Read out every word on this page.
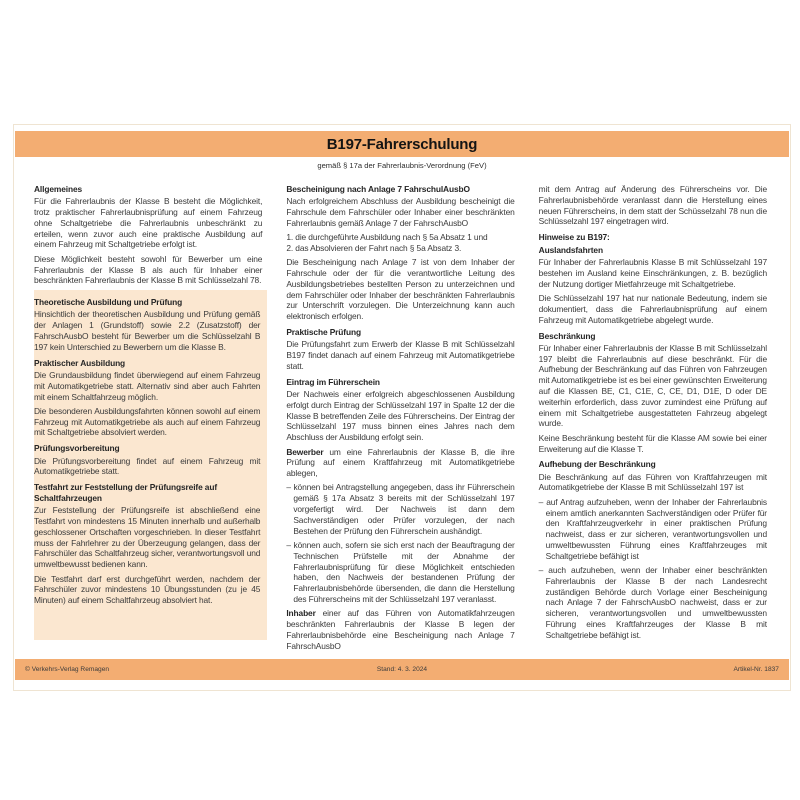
B197-Fahrerschulung
gemäß § 17a der Fahrerlaubnis-Verordnung (FeV)
Allgemeines

Für die Fahrerlaubnis der Klasse B besteht die Möglichkeit, trotz praktischer Fahrerlaubnisprüfung auf einem Fahrzeug ohne Schaltgetriebe die Fahrerlaubnis unbeschränkt zu erteilen, wenn zuvor auch eine praktische Ausbildung auf einem Fahrzeug mit Schaltgetriebe erfolgt ist.

Diese Möglichkeit besteht sowohl für Bewerber um eine Fahrerlaubnis der Klasse B als auch für Inhaber einer beschränkten Fahrerlaubnis der Klasse B mit Schlüsselzahl 78.

Theoretische Ausbildung und Prüfung

Hinsichtlich der theoretischen Ausbildung und Prüfung gemäß der Anlagen 1 (Grundstoff) sowie 2.2 (Zusatzstoff) der FahrschAusbO besteht für Bewerber um die Schlüsselzahl B 197 kein Unterschied zu Bewerbern um die Klasse B.

Praktischer Ausbildung

Die Grundausbildung findet überwiegend auf einem Fahrzeug mit Automatikgetriebe statt. Alternativ sind aber auch Fahrten mit einem Schaltfahrzeug möglich.

Die besonderen Ausbildungsfahrten können sowohl auf einem Fahrzeug mit Automatikgetriebe als auch auf einem Fahrzeug mit Schaltgetriebe absolviert werden.

Prüfungsvorbereitung

Die Prüfungsvorbereitung findet auf einem Fahrzeug mit Automatikgetriebe statt.

Testfahrt zur Feststellung der Prüfungsreife auf Schaltfahrzeugen

Zur Feststellung der Prüfungsreife ist abschließend eine Testfahrt von mindestens 15 Minuten innerhalb und außerhalb geschlossener Ortschaften vorgeschrieben. In dieser Testfahrt muss der Fahrlehrer zu der Überzeugung gelangen, dass der Fahrschüler das Schaltfahrzeug sicher, verantwortungsvoll und umweltbewusst bedienen kann.

Die Testfahrt darf erst durchgeführt werden, nachdem der Fahrschüler zuvor mindestens 10 Übungsstunden (zu je 45 Minuten) auf einem Schaltfahrzeug absolviert hat.

Bescheinigung nach Anlage 7 FahrschulAusbO

Nach erfolgreichem Abschluss der Ausbildung bescheinigt die Fahrschule dem Fahrschüler oder Inhaber einer beschränkten Fahrerlaubnis gemäß Anlage 7 der FahrschAusbO

1. die durchgeführte Ausbildung nach § 5a Absatz 1 und
2. das Absolvieren der Fahrt nach § 5a Absatz 3.

Die Bescheinigung nach Anlage 7 ist von dem Inhaber der Fahrschule oder der für die verantwortliche Leitung des Ausbildungsbetriebes bestellten Person zu unterzeichnen und dem Fahrschüler oder Inhaber der beschränkten Fahrerlaubnis zur Unterschrift vorzulegen. Die Unterzeichnung kann auch elektronisch erfolgen.

Praktische Prüfung

Die Prüfungsfahrt zum Erwerb der Klasse B mit Schlüsselzahl B197 findet danach auf einem Fahrzeug mit Automatikgetriebe statt.

Eintrag im Führerschein

Der Nachweis einer erfolgreich abgeschlossenen Ausbildung erfolgt durch Eintrag der Schlüsselzahl 197 in Spalte 12 der die Klasse B betreffenden Zeile des Führerscheins. Der Eintrag der Schlüsselzahl 197 muss binnen eines Jahres nach dem Abschluss der Ausbildung erfolgt sein.

Bewerber um eine Fahrerlaubnis der Klasse B, die ihre Prüfung auf einem Kraftfahrzeug mit Automatikgetriebe ablegen,

– können bei Antragstellung angegeben, dass ihr Führerschein gemäß § 17a Absatz 3 bereits mit der Schlüsselzahl 197 vorgefertigt wird. Der Nachweis ist dann dem Sachverständigen oder Prüfer vorzulegen, der nach Bestehen der Prüfung den Führerschein aushändigt.

– können auch, sofern sie sich erst nach der Beauftragung der Technischen Prüfstelle mit der Abnahme der Fahrerlaubnisprüfung für diese Möglichkeit entschieden haben, den Nachweis der bestandenen Prüfung der Fahrerlaubnisbehörde übersenden, die dann die Herstellung des Führerscheins mit der Schlüsselzahl 197 veranlasst.

Inhaber einer auf das Führen von Automatikfahrzeugen beschränkten Fahrerlaubnis der Klasse B legen der Fahrerlaubnisbehörde eine Bescheinigung nach Anlage 7 FahrschAusbO

mit dem Antrag auf Änderung des Führerscheins vor. Die Fahrerlaubnisbehörde veranlasst dann die Herstellung eines neuen Führerscheins, in dem statt der Schüsselzahl 78 nun die Schlüsselzahl 197 eingetragen wird.

Hinweise zu B197:
Auslandsfahrten

Für Inhaber der Fahrerlaubnis Klasse B mit Schlüsselzahl 197 bestehen im Ausland keine Einschränkungen, z. B. bezüglich der Nutzung dortiger Mietfahrzeuge mit Schaltgetriebe.

Die Schlüsselzahl 197 hat nur nationale Bedeutung, indem sie dokumentiert, dass die Fahrerlaubnisprüfung auf einem Fahrzeug mit Automatikgetriebe abgelegt wurde.

Beschränkung

Für Inhaber einer Fahrerlaubnis der Klasse B mit Schlüsselzahl 197 bleibt die Fahrerlaubnis auf diese beschränkt. Für die Aufhebung der Beschränkung auf das Führen von Fahrzeugen mit Automatikgetriebe ist es bei einer gewünschten Erweiterung auf die Klassen BE, C1, C1E, C, CE, D1, D1E, D oder DE weiterhin erforderlich, dass zuvor zumindest eine Prüfung auf einem mit Schaltgetriebe ausgestatteten Fahrzeug abgelegt wurde.

Keine Beschränkung besteht für die Klasse AM sowie bei einer Erweiterung auf die Klasse T.

Aufhebung der Beschränkung

Die Beschränkung auf das Führen von Kraftfahrzeugen mit Automatikgetriebe der Klasse B mit Schlüsselzahl 197 ist

– auf Antrag aufzuheben, wenn der Inhaber der Fahrerlaubnis einem amtlich anerkannten Sachverständigen oder Prüfer für den Kraftfahrzeugverkehr in einer praktischen Prüfung nachweist, dass er zur sicheren, verantwortungsvollen und umweltbewussten Führung eines Kraftfahrzeuges mit Schaltgetriebe befähigt ist

– auch aufzuheben, wenn der Inhaber einer beschränkten Fahrerlaubnis der Klasse B der nach Landesrecht zuständigen Behörde durch Vorlage einer Bescheinigung nach Anlage 7 der FahrschAusbO nachweist, dass er zur sicheren, verantwortungsvollen und umweltbewussten Führung eines Kraftfahrzeuges der Klasse B mit Schaltgetriebe befähigt ist.

© Verkehrs-Verlag Remagen	Stand: 4. 3. 2024	Artikel-Nr. 1837
